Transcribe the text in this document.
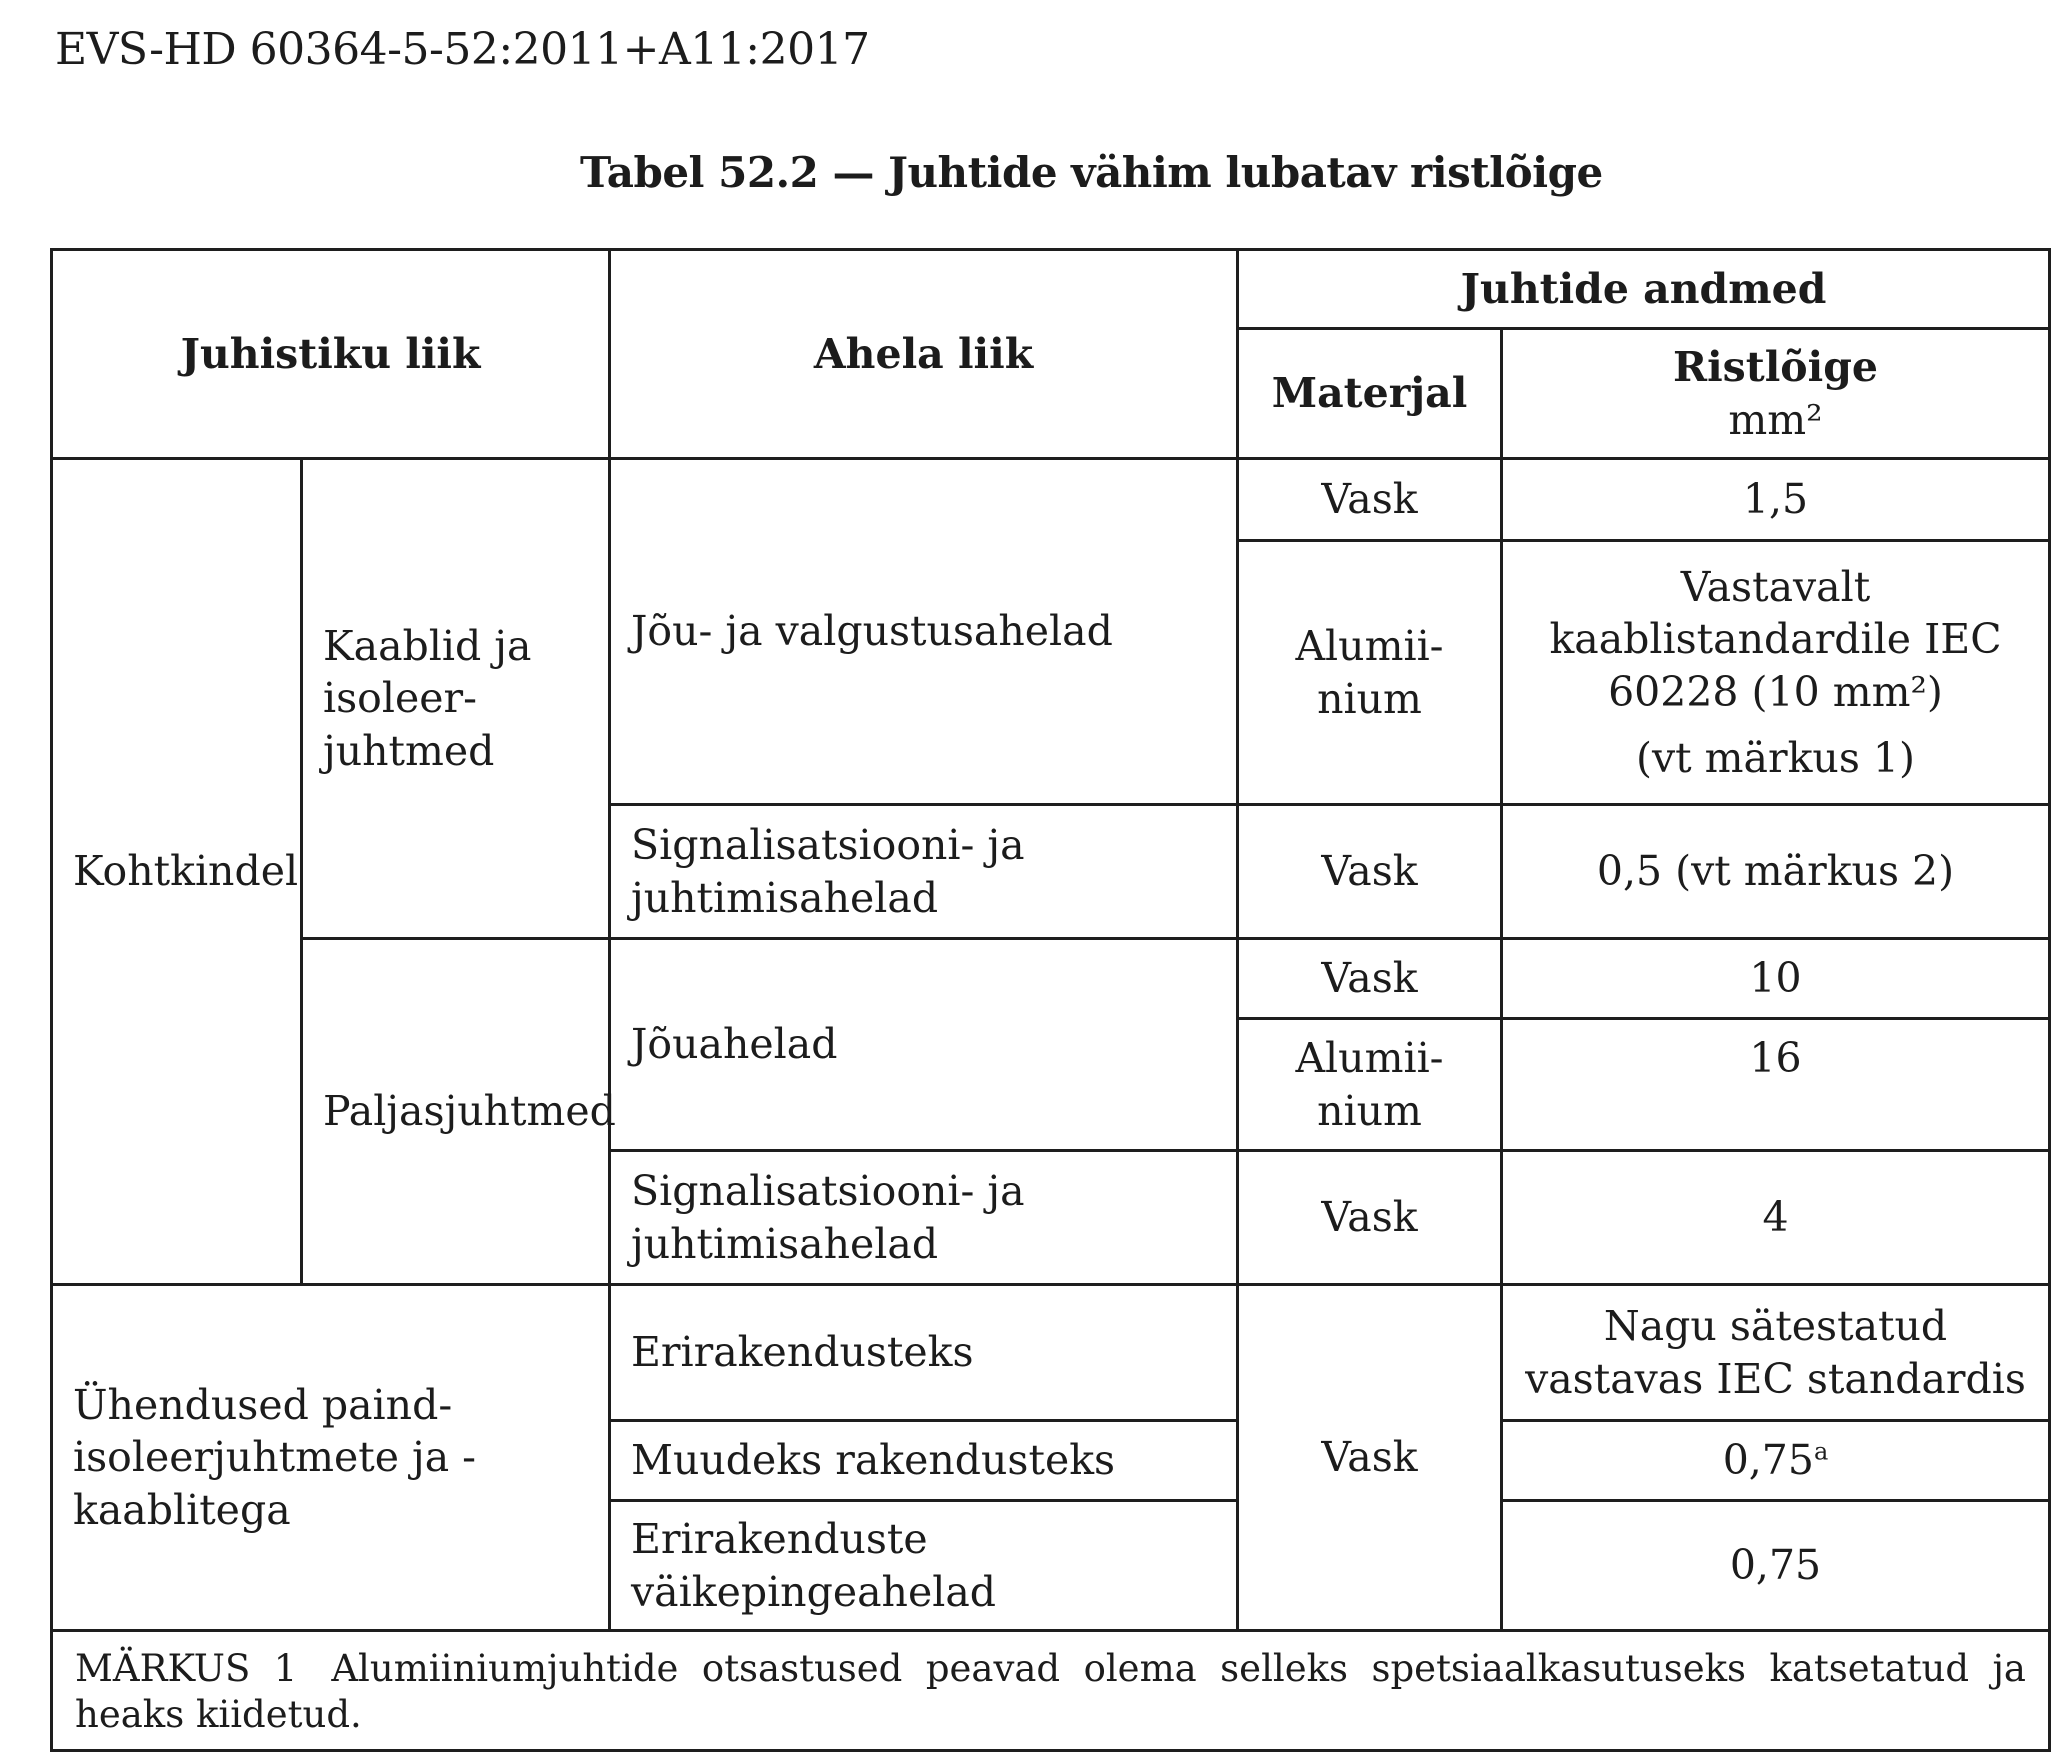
EVS-HD 60364-5-52:2011+A11:2017
Tabel 52.2 — Juhtide vähim lubatav ristlõige
Juhistiku liik		Ahela liik	Juhtide andmed	
			Materjal	Ristlõige
mm²
Kohtkindel	Kaablid ja isoleer-juhtmed	Jõu- ja valgustusahelad	Vask	1,5
			Alumii-nium	Vastavalt kaablistandardile IEC 60228 (10 mm²)
(vt märkus 1)

		Signalisatsiooni- ja juhtimisahelad	Vask	0,5 (vt märkus 2)
	Paljasjuhtmed	Jõuahelad	Vask	10
			Alumii-nium	16
		Signalisatsiooni- ja juhtimisahelad	Vask	4
Ühendused paind-isoleerjuhtmete ja -kaablitega		Erirakendusteks	Vask	Nagu sätestatud vastavas IEC standardis
		Muudeks rakendusteks		0,75$^a$
		Erirakenduste väikepingeahelad		0,75
MÄRKUS 1 Alumiiniumjuhtide otsastused peavad olema selleks spetsiaalkasutuseks katsetatud ja heaks kiidetud.				
